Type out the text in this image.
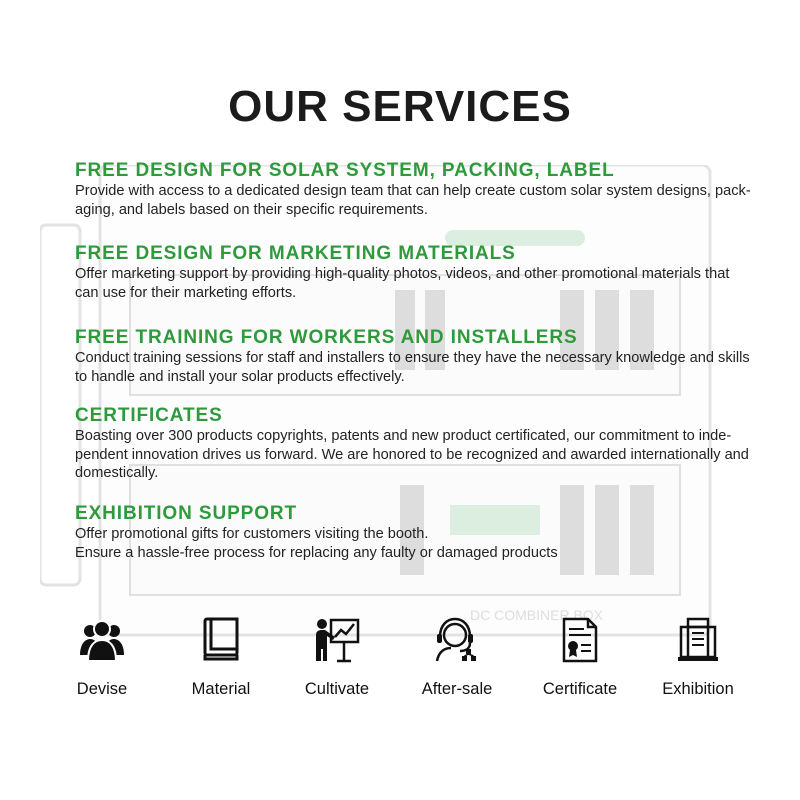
DC COMBINER BOX
OUR SERVICES
FREE DESIGN FOR SOLAR SYSTEM, PACKING, LABEL

Provide with access to a dedicated design team that can help create custom solar system designs, pack-

aging, and labels based on their specific requirements.

FREE DESIGN FOR MARKETING MATERIALS

Offer marketing support by providing high-quality photos, videos, and other promotional materials that

can use for their marketing efforts.

FREE TRAINING FOR WORKERS AND INSTALLERS

Conduct training sessions for staff and installers to ensure they have the necessary knowledge and skills

to handle and install your solar products effectively.

CERTIFICATES

Boasting over 300 products copyrights, patents and new product certificated, our commitment to inde-

pendent innovation drives us forward. We are honored to be recognized and awarded internationally and

domestically.

EXHIBITION SUPPORT

Offer promotional gifts for customers visiting the booth.

Ensure a hassle-free process for replacing any faulty or damaged products

Devise	Material	Cultivate	After-sale	Certificate	Exhibition
